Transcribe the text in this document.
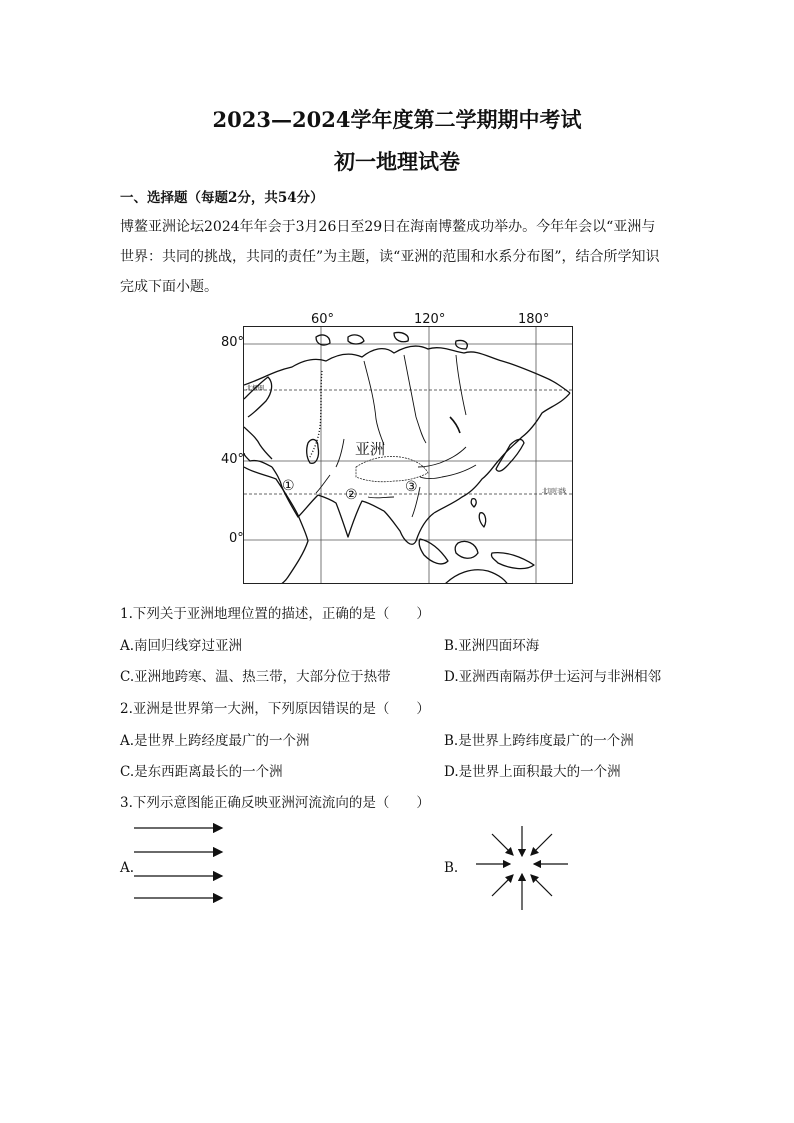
2023—2024学年度第二学期期中考试
初一地理试卷
一、选择题（每题2分，共54分）
博鳌亚洲论坛2024年年会于3月26日至29日在海南博鳌成功举办。今年年会以“亚洲与
世界：共同的挑战，共同的责任”为主题，读“亚洲的范围和水系分布图”，结合所学知识
完成下面小题。
60°	120°	180°
80°
40°
0°
亚洲
北极圈
北回归线
①
②	③
1.下列关于亚洲地理位置的描述，正确的是（　　）
A.南回归线穿过亚洲	B.亚洲四面环海
C.亚洲地跨寒、温、热三带，大部分位于热带	D.亚洲西南隔苏伊士运河与非洲相邻
2.亚洲是世界第一大洲，下列原因错误的是（　　）
A.是世界上跨经度最广的一个洲	B.是世界上跨纬度最广的一个洲
C.是东西距离最长的一个洲	D.是世界上面积最大的一个洲
3.下列示意图能正确反映亚洲河流流向的是（　　）
A.	B.
